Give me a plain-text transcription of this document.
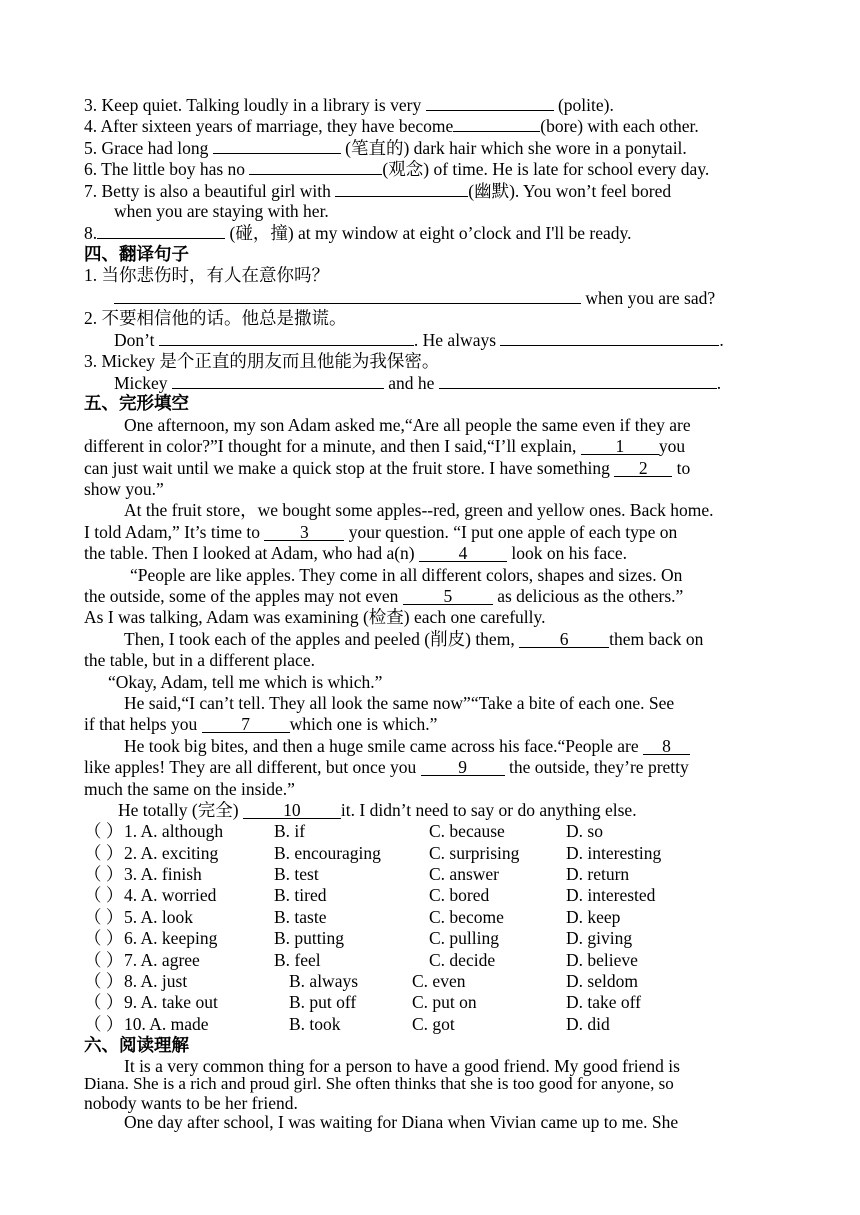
3. Keep quiet. Talking loudly in a library is very	(polite).
4. After sixteen years of marriage, they have become	(bore) with each other.
5. Grace had long	(笔直的) dark hair which she wore in a ponytail.
6. The little boy has no	(观念) of time. He is late for school every day.
7. Betty is also a beautiful girl with	(幽默). You won’t feel bored
when you are staying with her.
8.	(碰，撞) at my window at eight o’clock and I'll be ready.
四、翻译句子
1. 当你悲伤时，有人在意你吗？
when you are sad?
2. 不要相信他的话。他总是撒谎。
Don’t	. He always	.
3. Mickey 是个正直的朋友而且他能为我保密。
Mickey	and he	.
五、完形填空
One afternoon, my son Adam asked me,“Are all people the same even if they are
different in color?”I thought for a minute, and then I said,“I’ll explain, 1 you
can just wait until we make a quick stop at the fruit store. I have something 2 to
show you.”
At the fruit store，we bought some apples--red, green and yellow ones. Back home.
I told Adam,” It’s time to 3 your question. “I put one apple of each type on
the table. Then I looked at Adam, who had a(n) 4 look on his face.
“People are like apples. They come in all different colors, shapes and sizes. On
the outside, some of the apples may not even 5 as delicious as the others.”
As I was talking, Adam was examining (检查) each one carefully.
Then, I took each of the apples and peeled (削皮) them, 6 them back on
the table, but in a different place.
“Okay, Adam, tell me which is which.”
He said,“I can’t tell. They all look the same now”“Take a bite of each one. See
if that helps you 7 which one is which.”
He took big bites, and then a huge smile came across his face.“People are 8
like apples! They are all different, but once you 9 the outside, they’re pretty
much the same on the inside.”
He totally (完全) 10 it. I didn’t need to say or do anything else.
（ ） 1. A. although	B. if	C. because	D. so
（ ） 2. A. exciting	B. encouraging	C. surprising	D. interesting
（ ） 3. A. finish	B. test	C. answer	D. return
（ ） 4. A. worried	B. tired	C. bored	D. interested
（ ） 5. A. look	B. taste	C. become	D. keep
（ ） 6. A. keeping	B. putting	C. pulling	D. giving
（ ） 7. A. agree	B. feel	C. decide	D. believe
（ ） 8. A. just	B. always	C. even	D. seldom
（ ） 9. A. take out	B. put off	C. put on	D. take off
（ ） 10. A. made	B. took	C. got	D. did
六、阅读理解
It is a very common thing for a person to have a good friend. My good friend is
Diana. She is a rich and proud girl. She often thinks that she is too good for anyone, so
nobody wants to be her friend.
One day after school, I was waiting for Diana when Vivian came up to me. She
